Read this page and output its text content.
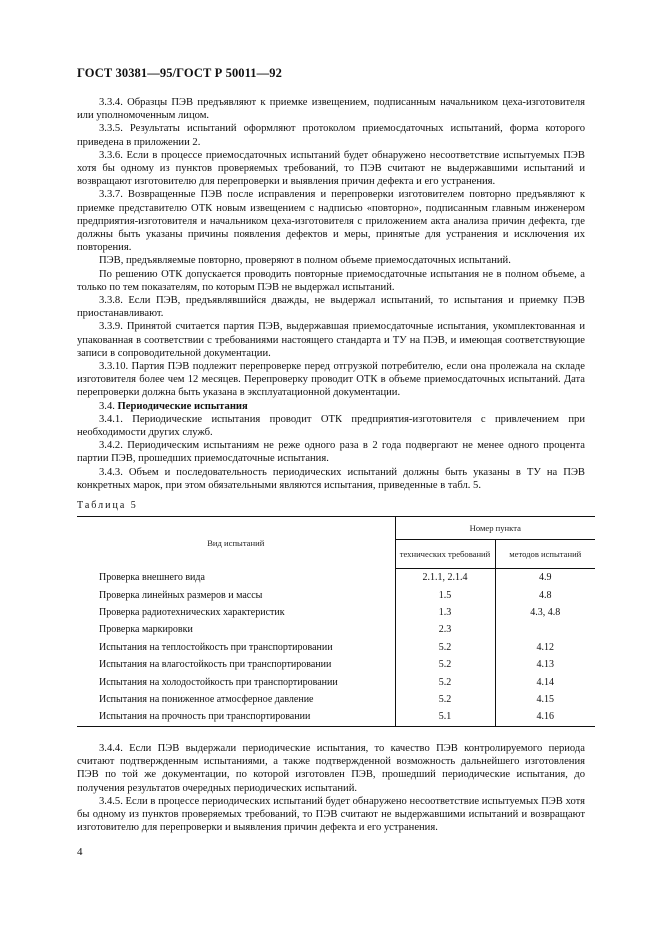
ГОСТ 30381—95/ГОСТ Р 50011—92

3.3.4. Образцы ПЭВ предъявляют к приемке извещением, подписанным начальником цеха-изготовителя или уполномоченным лицом.

3.3.5. Результаты испытаний оформляют протоколом приемосдаточных испытаний, форма которого приведена в приложении 2.

3.3.6. Если в процессе приемосдаточных испытаний будет обнаружено несоответствие испытуемых ПЭВ хотя бы одному из пунктов проверяемых требований, то ПЭВ считают не выдержавшими испытаний и возвращают изготовителю для перепроверки и выявления причин дефекта и его устранения.

3.3.7. Возвращенные ПЭВ после исправления и перепроверки изготовителем повторно предъявляют к приемке представителю ОТК новым извещением с надписью «повторно», подписанным главным инженером предприятия-изготовителя и начальником цеха-изготовителя с приложением акта анализа причин дефекта, где должны быть указаны причины появления дефектов и меры, принятые для устранения и исключения их повторения.

ПЭВ, предъявляемые повторно, проверяют в полном объеме приемосдаточных испытаний.

По решению ОТК допускается проводить повторные приемосдаточные испытания не в полном объеме, а только по тем показателям, по которым ПЭВ не выдержал испытаний.

3.3.8. Если ПЭВ, предъявлявшийся дважды, не выдержал испытаний, то испытания и приемку ПЭВ приостанавливают.

3.3.9. Принятой считается партия ПЭВ, выдержавшая приемосдаточные испытания, укомплектованная и упакованная в соответствии с требованиями настоящего стандарта и ТУ на ПЭВ, и имеющая соответствующие записи в сопроводительной документации.

3.3.10. Партия ПЭВ подлежит перепроверке перед отгрузкой потребителю, если она пролежала на складе изготовителя более чем 12 месяцев. Перепроверку проводит ОТК в объеме приемосдаточных испытаний. Дата перепроверки должна быть указана в эксплуатационной документации.

3.4. Периодические испытания

3.4.1. Периодические испытания проводит ОТК предприятия-изготовителя с привлечением при необходимости других служб.

3.4.2. Периодическим испытаниям не реже одного раза в 2 года подвергают не менее одного процента партии ПЭВ, прошедших приемосдаточные испытания.

3.4.3. Объем и последовательность периодических испытаний должны быть указаны в ТУ на ПЭВ конкретных марок, при этом обязательными являются испытания, приведенные в табл. 5.

Таблица 5
Вид испытаний	Номер пункта	
	технических требований	методов испытаний
Проверка внешнего вида	2.1.1, 2.1.4	4.9
Проверка линейных размеров и массы	1.5	4.8
Проверка радиотехнических характеристик	1.3	4.3, 4.8
Проверка маркировки	2.3	
Испытания на теплостойкость при транспортировании	5.2	4.12
Испытания на влагостойкость при транспортировании	5.2	4.13
Испытания на холодостойкость при транспортировании	5.2	4.14
Испытания на пониженное атмосферное давление	5.2	4.15
Испытания на прочность при транспортировании	5.1	4.16

3.4.4. Если ПЭВ выдержали периодические испытания, то качество ПЭВ контролируемого периода считают подтвержденным испытаниями, а также подтвержденной возможность дальнейшего изготовления ПЭВ по той же документации, по которой изготовлен ПЭВ, прошедший периодические испытания, до получения результатов очередных периодических испытаний.

3.4.5. Если в процессе периодических испытаний будет обнаружено несоответствие испытуемых ПЭВ хотя бы одному из пунктов проверяемых требований, то ПЭВ считают не выдержавшими испытаний и возвращают изготовителю для перепроверки и выявления причин дефекта и его устранения.

4
